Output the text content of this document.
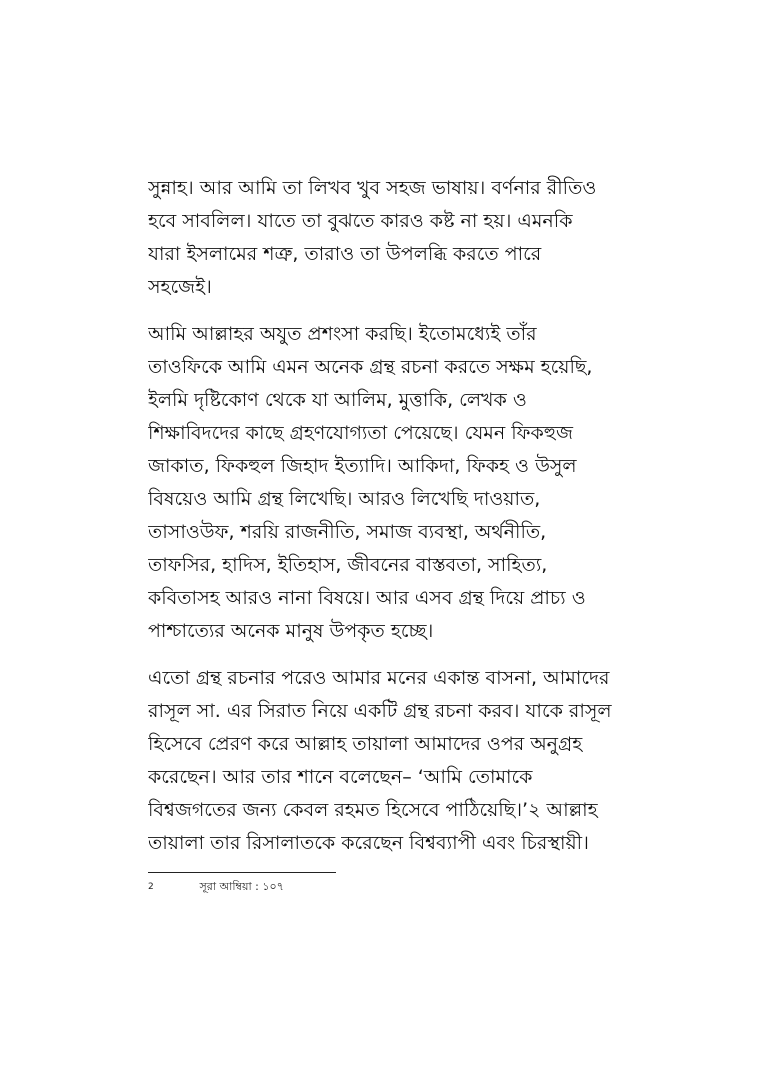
সুন্নাহ। আর আমি তা লিখব খুব সহজ ভাষায়। বর্ণনার রীতিও
হবে সাবলিল। যাতে তা বুঝতে কারও কষ্ট না হয়। এমনকি
যারা ইসলামের শত্রু, তারাও তা উপলব্ধি করতে পারে
সহজেই।

আমি আল্লাহর অযুত প্রশংসা করছি। ইতোমধ্যেই তাঁর
তাওফিকে আমি এমন অনেক গ্রন্থ রচনা করতে সক্ষম হয়েছি,
ইলমি দৃষ্টিকোণ থেকে যা আলিম, মুত্তাকি, লেখক ও
শিক্ষাবিদদের কাছে গ্রহণযোগ্যতা পেয়েছে। যেমন ফিকহুজ
জাকাত, ফিকহুল জিহাদ ইত্যাদি। আকিদা, ফিকহ ও উসুল
বিষয়েও আমি গ্রন্থ লিখেছি। আরও লিখেছি দাওয়াত,
তাসাওউফ, শরয়ি রাজনীতি, সমাজ ব্যবস্থা, অর্থনীতি,
তাফসির, হাদিস, ইতিহাস, জীবনের বাস্তবতা, সাহিত্য,
কবিতাসহ আরও নানা বিষয়ে। আর এসব গ্রন্থ দিয়ে প্রাচ্য ও
পাশ্চাত্যের অনেক মানুষ উপকৃত হচ্ছে।

এতো গ্রন্থ রচনার পরেও আমার মনের একান্ত বাসনা, আমাদের
রাসূল সা. এর সিরাত নিয়ে একটি গ্রন্থ রচনা করব। যাকে রাসূল
হিসেবে প্রেরণ করে আল্লাহ তায়ালা আমাদের ওপর অনুগ্রহ
করেছেন। আর তার শানে বলেছেন– ‘আমি তোমাকে
বিশ্বজগতের জন্য কেবল রহমত হিসেবে পাঠিয়েছি।’২ আল্লাহ
তায়ালা তার রিসালাতকে করেছেন বিশ্বব্যাপী এবং চিরস্থায়ী।

2	সূরা আম্বিয়া : ১০৭
